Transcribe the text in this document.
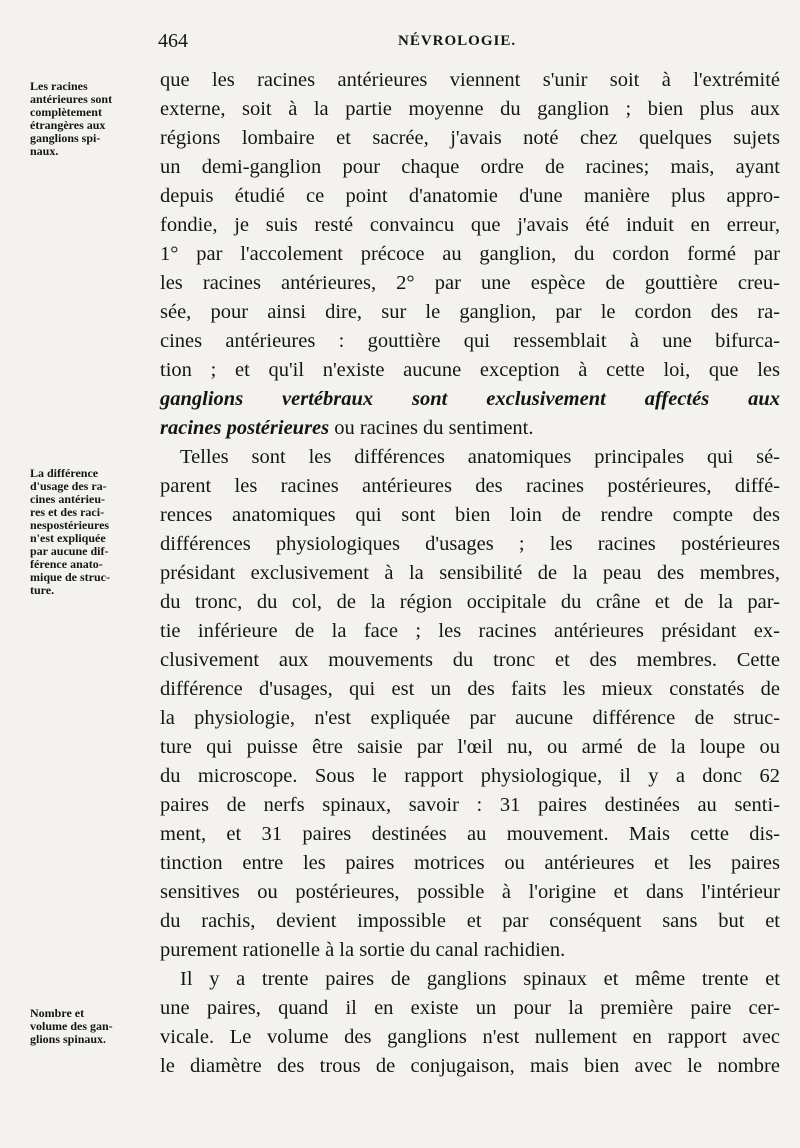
464	NÉVROLOGIE.
Les racines
antérieures sont
complètement
étrangères aux
ganglions spi-
naux.
La différence
d'usage des ra-
cines antérieu-
res et des raci-
nespostérieures
n'est expliquée
par aucune dif-
férence anato-
mique de struc-
ture.
Nombre et
volume des gan-
glions spinaux.
que les racines antérieures viennent s'unir soit à l'extrémité
externe, soit à la partie moyenne du ganglion ; bien plus aux
régions lombaire et sacrée, j'avais noté chez quelques sujets
un demi-ganglion pour chaque ordre de racines; mais, ayant
depuis étudié ce point d'anatomie d'une manière plus appro-
fondie, je suis resté convaincu que j'avais été induit en erreur,
1° par l'accolement précoce au ganglion, du cordon formé par
les racines antérieures, 2° par une espèce de gouttière creu-
sée, pour ainsi dire, sur le ganglion, par le cordon des ra-
cines antérieures : gouttière qui ressemblait à une bifurca-
tion ; et qu'il n'existe aucune exception à cette loi, que les
ganglions vertébraux sont exclusivement affectés aux
racines postérieures ou racines du sentiment.
Telles sont les différences anatomiques principales qui sé-
parent les racines antérieures des racines postérieures, diffé-
rences anatomiques qui sont bien loin de rendre compte des
différences physiologiques d'usages ; les racines postérieures
présidant exclusivement à la sensibilité de la peau des membres,
du tronc, du col, de la région occipitale du crâne et de la par-
tie inférieure de la face ; les racines antérieures présidant ex-
clusivement aux mouvements du tronc et des membres. Cette
différence d'usages, qui est un des faits les mieux constatés de
la physiologie, n'est expliquée par aucune différence de struc-
ture qui puisse être saisie par l'œil nu, ou armé de la loupe ou
du microscope. Sous le rapport physiologique, il y a donc 62
paires de nerfs spinaux, savoir : 31 paires destinées au senti-
ment, et 31 paires destinées au mouvement. Mais cette dis-
tinction entre les paires motrices ou antérieures et les paires
sensitives ou postérieures, possible à l'origine et dans l'intérieur
du rachis, devient impossible et par conséquent sans but et
purement rationelle à la sortie du canal rachidien.
Il y a trente paires de ganglions spinaux et même trente et
une paires, quand il en existe un pour la première paire cer-
vicale. Le volume des ganglions n'est nullement en rapport avec
le diamètre des trous de conjugaison, mais bien avec le nombre
